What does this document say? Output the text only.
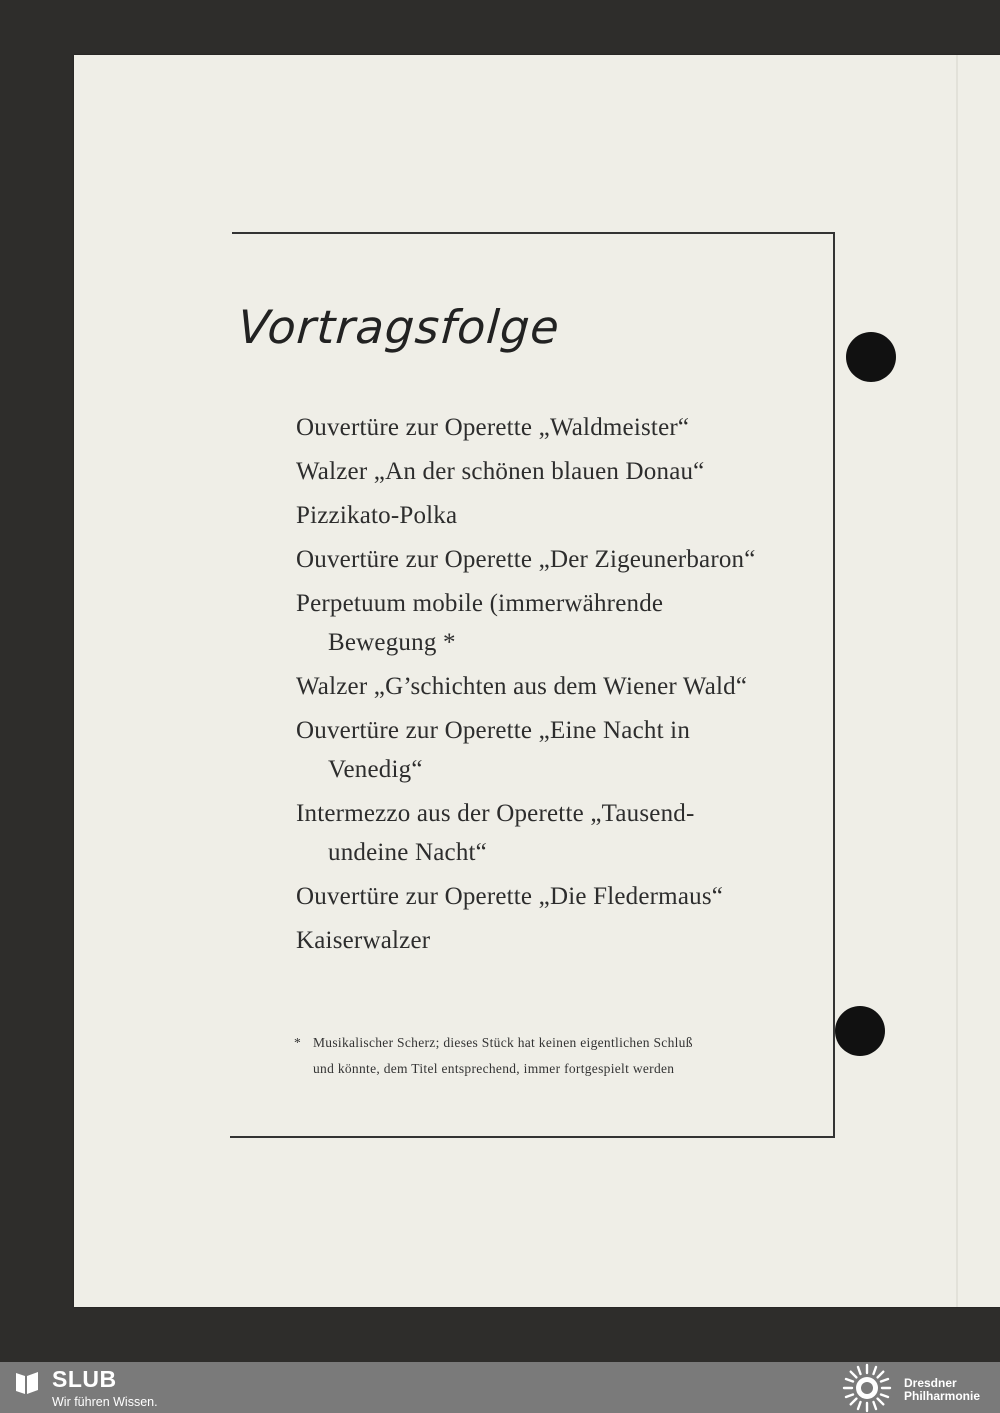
Vortragsfolge
Ouvertüre zur Operette „Waldmeister“
Walzer „An der schönen blauen Donau“
Pizzikato-Polka
Ouvertüre zur Operette „Der Zigeunerbaron“
Perpetuum mobile (immerwährende
Bewegung *
Walzer „G’schichten aus dem Wiener Wald“
Ouvertüre zur Operette „Eine Nacht in
Venedig“
Intermezzo aus der Operette „Tausend-
undeine Nacht“
Ouvertüre zur Operette „Die Fledermaus“
Kaiserwalzer
* Musikalischer Scherz; dieses Stück hat keinen eigentlichen Schluß
und könnte, dem Titel entsprechend, immer fortgespielt werden
SLUB
Wir führen Wissen.
Dresdner
Philharmonie
